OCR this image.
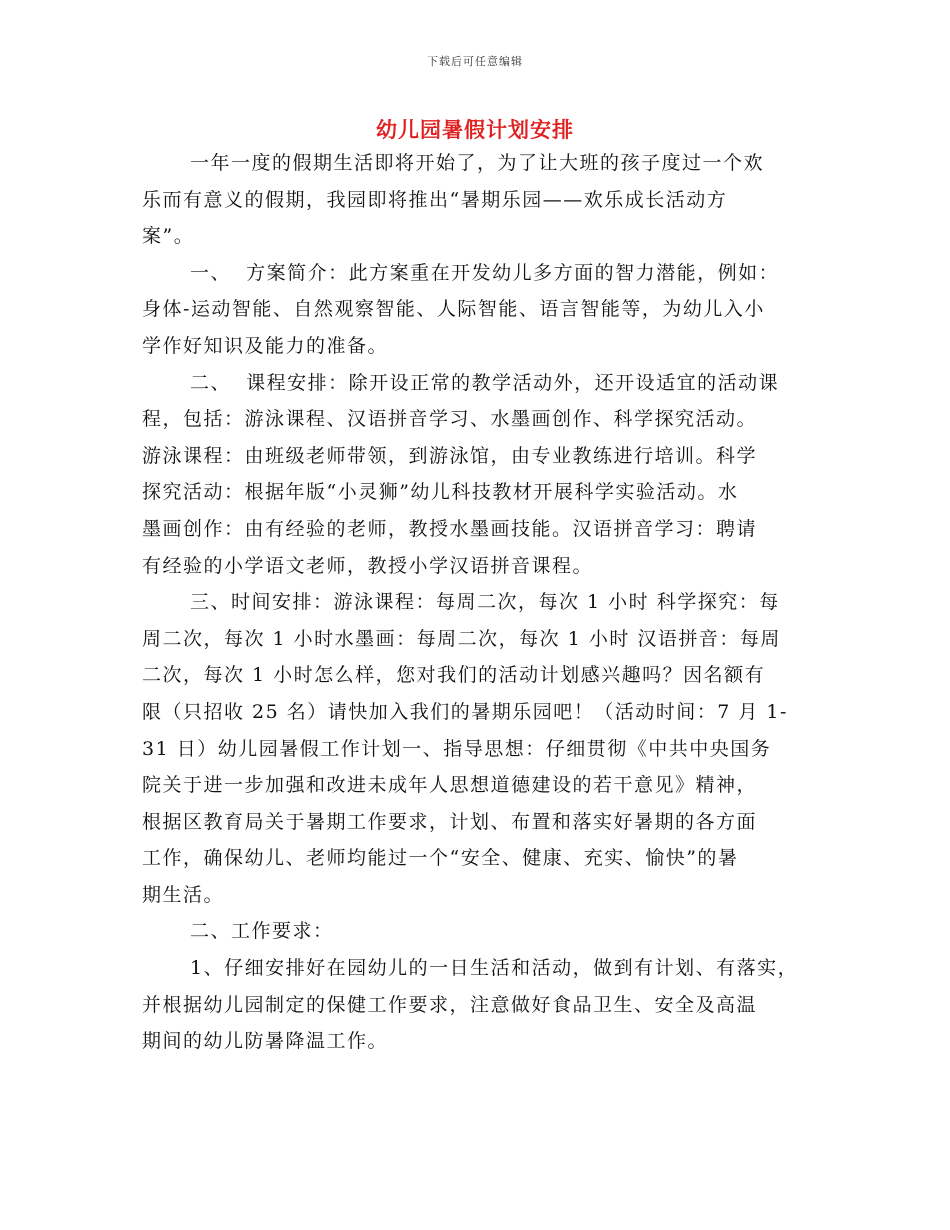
下载后可任意编辑
幼儿园暑假计划安排
一年一度的假期生活即将开始了，为了让大班的孩子度过一个欢
乐而有意义的假期，我园即将推出“暑期乐园——欢乐成长活动方
案”。
一、  方案简介：此方案重在开发幼儿多方面的智力潜能，例如：
身体-运动智能、自然观察智能、人际智能、语言智能等，为幼儿入小
学作好知识及能力的准备。
二、  课程安排：除开设正常的教学活动外，还开设适宜的活动课
程，包括：游泳课程、汉语拼音学习、水墨画创作、科学探究活动。
游泳课程：由班级老师带领，到游泳馆，由专业教练进行培训。科学
探究活动：根据年版“小灵狮”幼儿科技教材开展科学实验活动。水
墨画创作：由有经验的老师，教授水墨画技能。汉语拼音学习：聘请
有经验的小学语文老师，教授小学汉语拼音课程。
三、时间安排：游泳课程：每周二次，每次 1 小时 科学探究：每
周二次，每次 1 小时水墨画：每周二次，每次 1 小时 汉语拼音：每周
二次，每次 1 小时怎么样，您对我们的活动计划感兴趣吗？因名额有
限（只招收 25 名）请快加入我们的暑期乐园吧！（活动时间：7 月 1-
31 日）幼儿园暑假工作计划一、指导思想：仔细贯彻《中共中央国务
院关于进一步加强和改进未成年人思想道德建设的若干意见》精神，
根据区教育局关于暑期工作要求，计划、布置和落实好暑期的各方面
工作，确保幼儿、老师均能过一个“安全、健康、充实、愉快”的暑
期生活。
二、工作要求：
1、仔细安排好在园幼儿的一日生活和活动，做到有计划、有落实，
并根据幼儿园制定的保健工作要求，注意做好食品卫生、安全及高温
期间的幼儿防暑降温工作。
